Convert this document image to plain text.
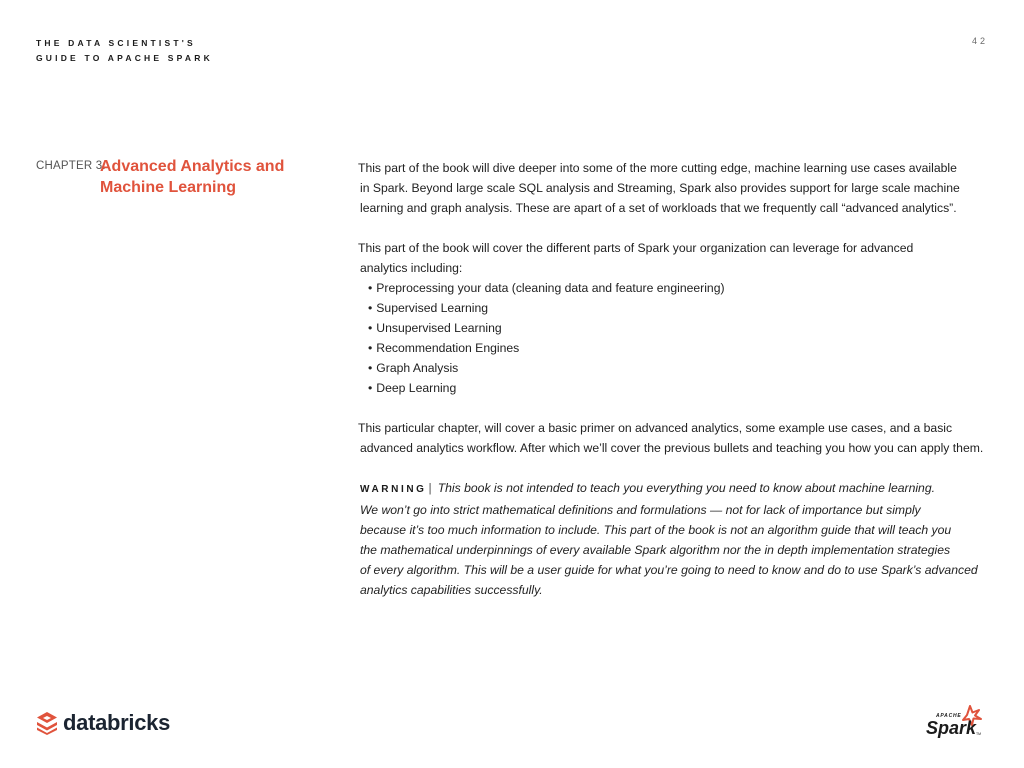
THE DATA SCIENTIST'S
GUIDE TO APACHE SPARK
42
CHAPTER 3:
Advanced Analytics and
Machine Learning

This part of the book will dive deeper into some of the more cutting edge, machine learning use cases available

in Spark. Beyond large scale SQL analysis and Streaming, Spark also provides support for large scale machine

learning and graph analysis. These are apart of a set of workloads that we frequently call “advanced analytics”.

This part of the book will cover the different parts of Spark your organization can leverage for advanced

analytics including:

• Preprocessing your data (cleaning data and feature engineering)
• Supervised Learning
• Unsupervised Learning
• Recommendation Engines
• Graph Analysis
• Deep Learning

This particular chapter, will cover a basic primer on advanced analytics, some example use cases, and a basic

advanced analytics workflow. After which we’ll cover the previous bullets and teaching you how you can apply them.

WARNING | This book is not intended to teach you everything you need to know about machine learning.

We won’t go into strict mathematical definitions and formulations — not for lack of importance but simply

because it’s too much information to include. This part of the book is not an algorithm guide that will teach you

the mathematical underpinnings of every available Spark algorithm nor the in depth implementation strategies

of every algorithm. This will be a user guide for what you’re going to need to know and do to use Spark’s advanced

analytics capabilities successfully.

databricks	APACHE
Spark TM
